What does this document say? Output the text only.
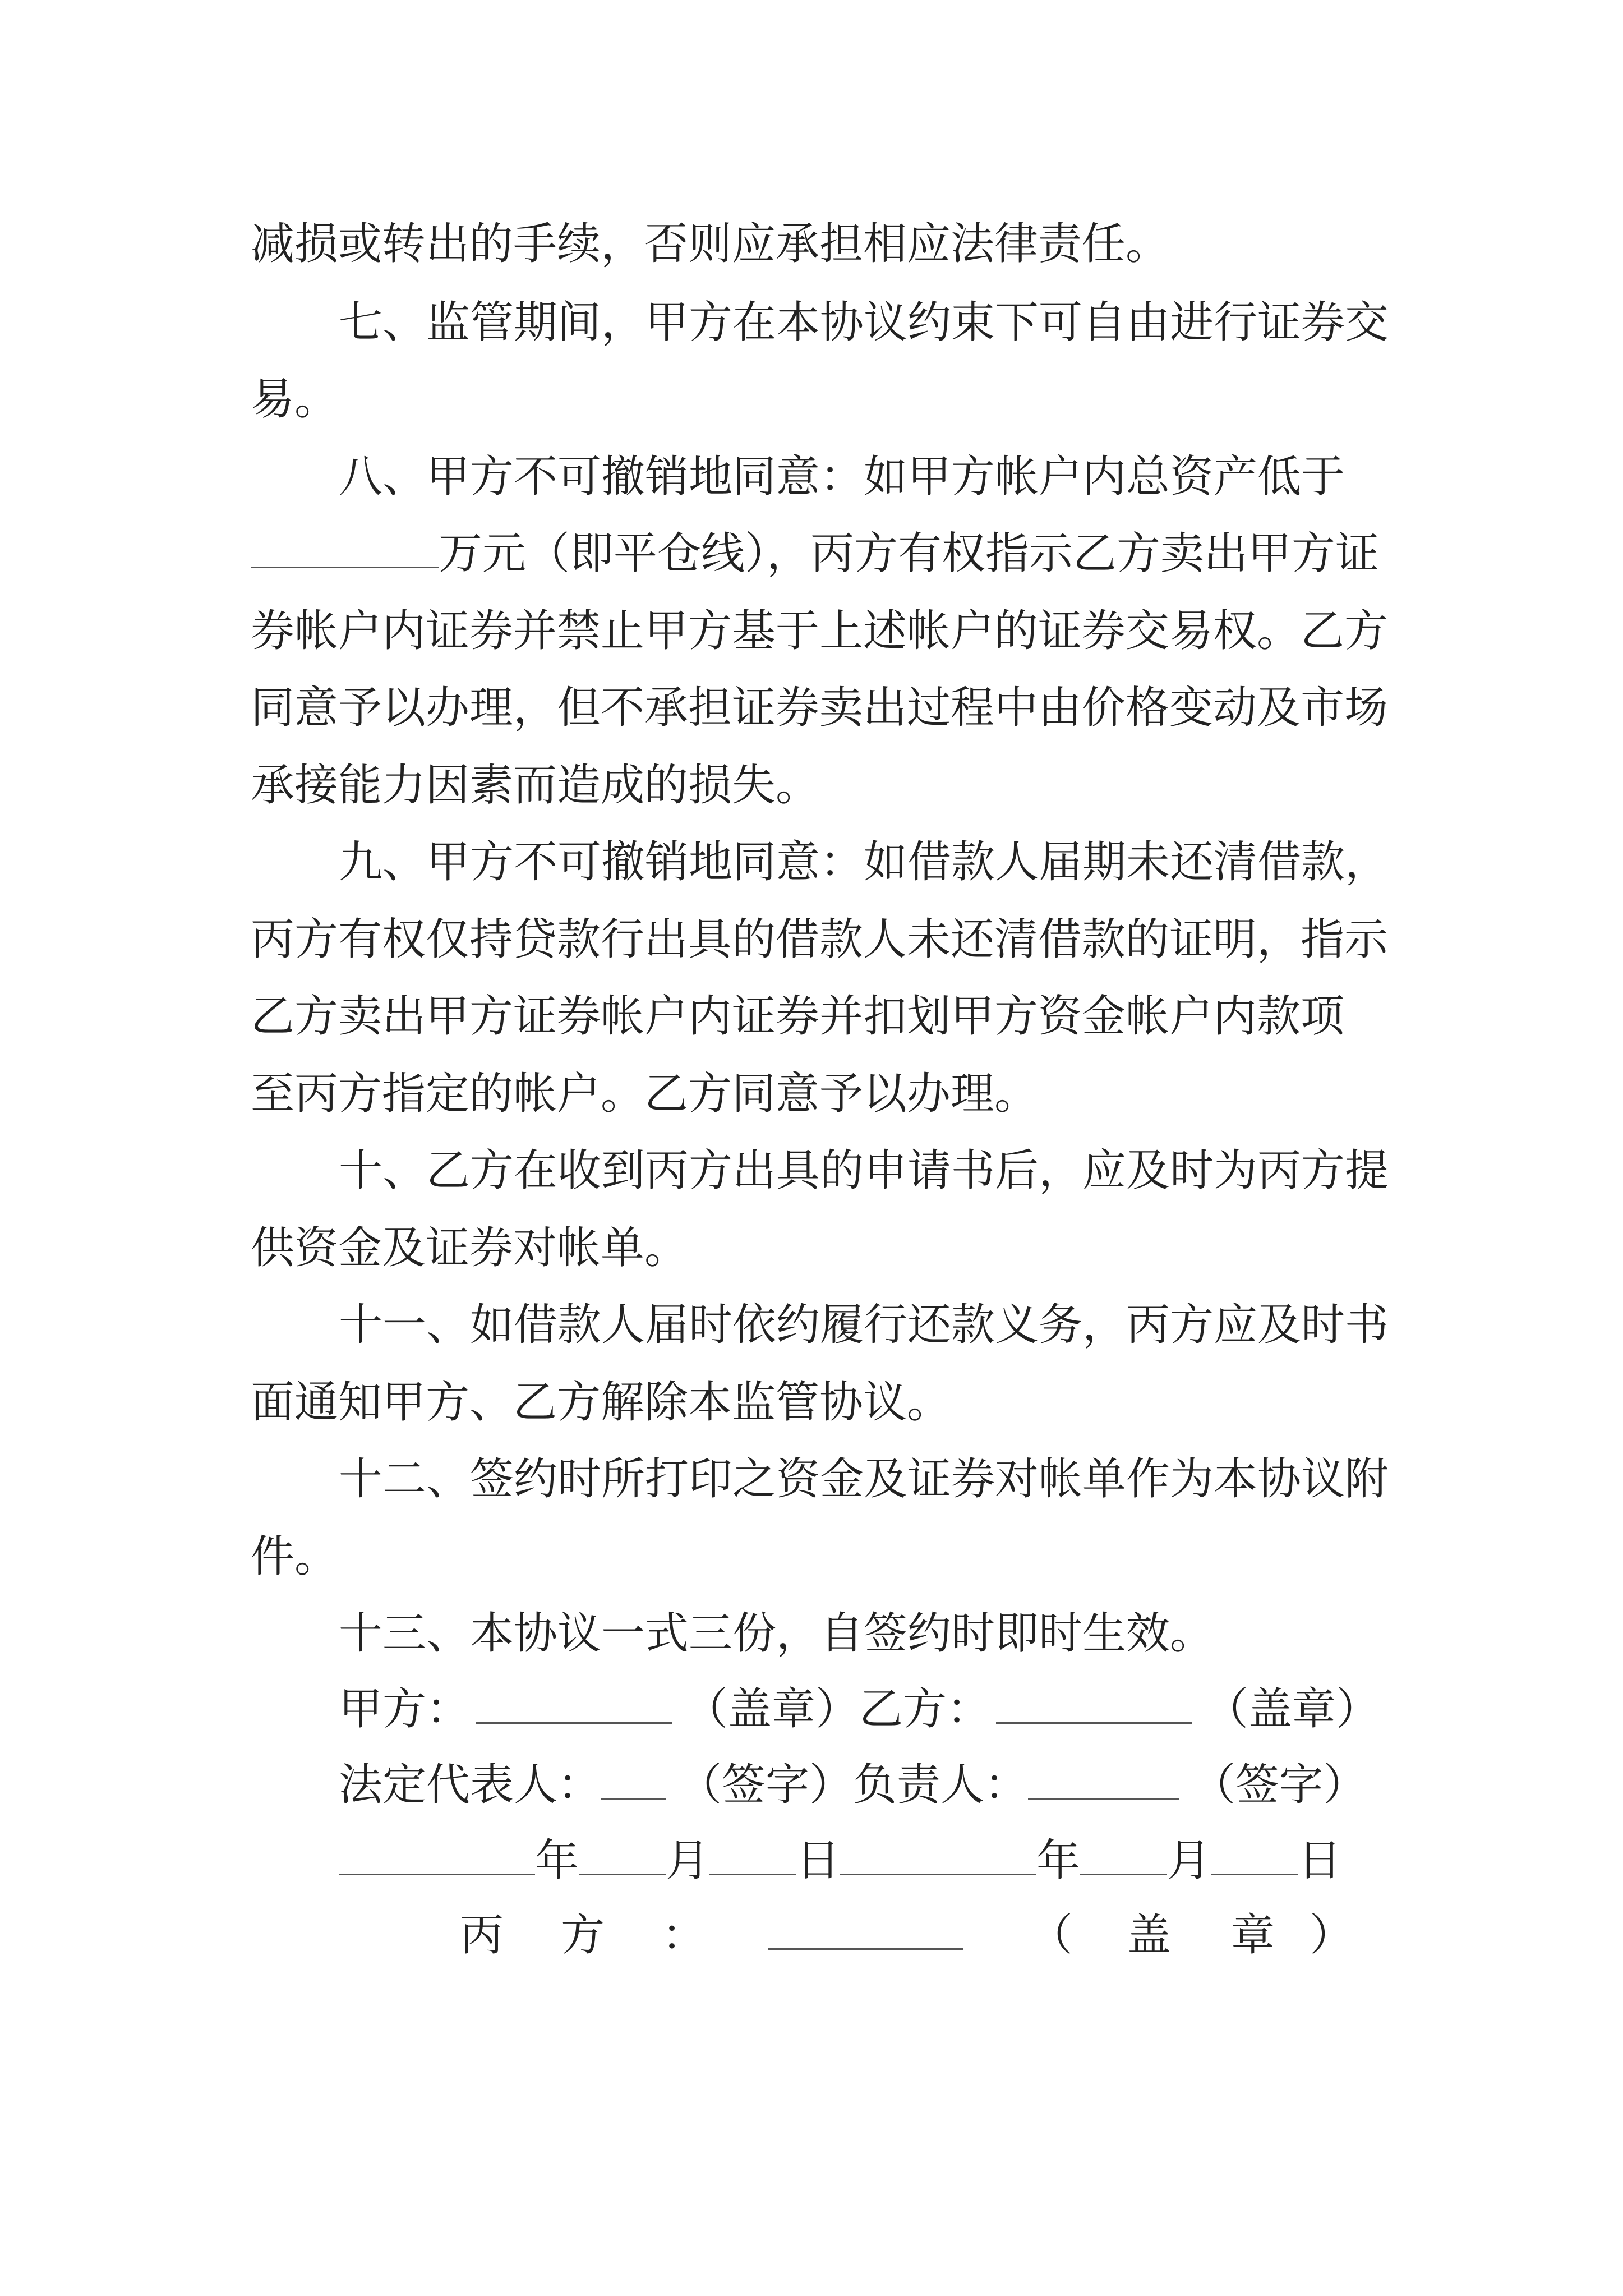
减损或转出的手续，否则应承担相应法律责任。
七、监管期间，甲方在本协议约束下可自由进行证券交
易。
八、甲方不可撤销地同意：如甲方帐户内总资产低于
万元（即平仓线），丙方有权指示乙方卖出甲方证
券帐户内证券并禁止甲方基于上述帐户的证券交易权。乙方
同意予以办理，但不承担证券卖出过程中由价格变动及市场
承接能力因素而造成的损失。
九、甲方不可撤销地同意：如借款人届期未还清借款，
丙方有权仅持贷款行出具的借款人未还清借款的证明，指示
乙方卖出甲方证券帐户内证券并扣划甲方资金帐户内款项
至丙方指定的帐户。乙方同意予以办理。
十、乙方在收到丙方出具的申请书后，应及时为丙方提
供资金及证券对帐单。
十一、如借款人届时依约履行还款义务，丙方应及时书
面通知甲方、乙方解除本监管协议。
十二、签约时所打印之资金及证券对帐单作为本协议附
件。
十三、本协议一式三份，自签约时即时生效。
甲方：	（盖章）乙方：	（盖章）
法定代表人： （签字）负责人：	（签字）
年 月 日	年 月 日
丙 方 ：	（ 盖 章 ）
